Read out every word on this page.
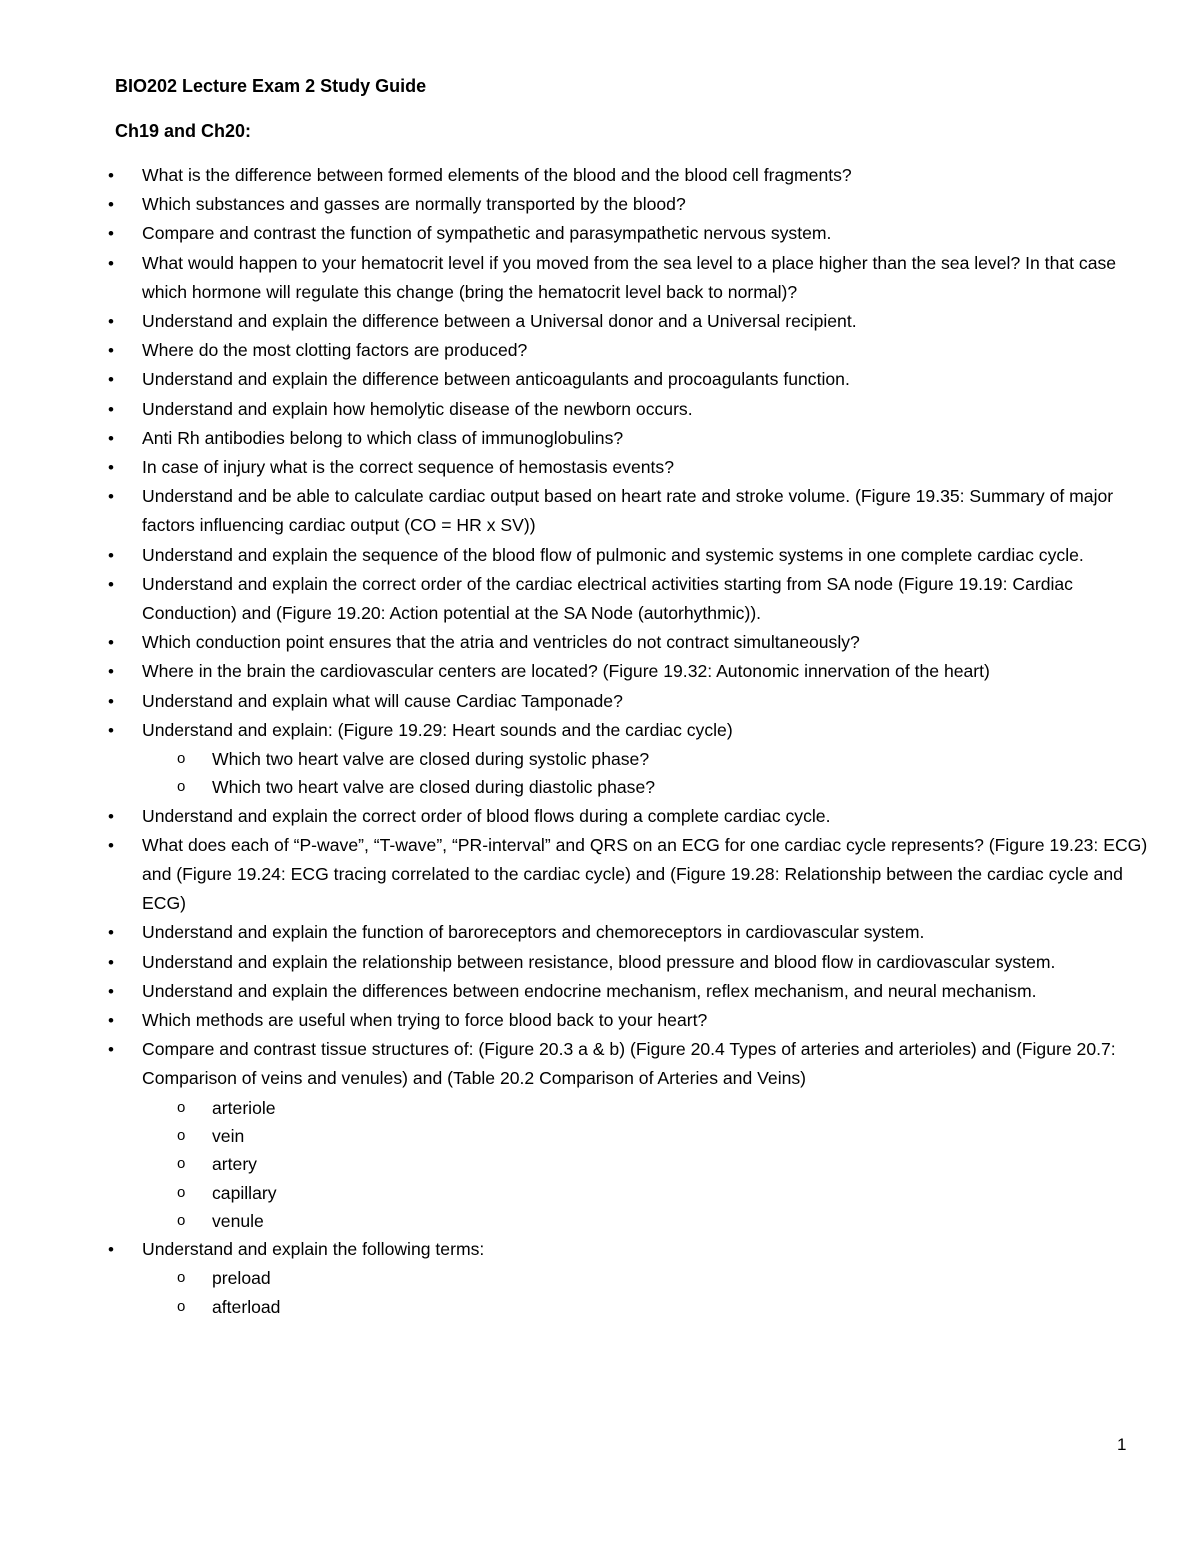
BIO202 Lecture Exam 2 Study Guide
Ch19 and Ch20:
• What is the difference between formed elements of the blood and the blood cell fragments?
• Which substances and gasses are normally transported by the blood?
• Compare and contrast the function of sympathetic and parasympathetic nervous system.
• What would happen to your hematocrit level if you moved from the sea level to a place higher than the sea level? In that case which hormone will regulate this change (bring the hematocrit level back to normal)?
• Understand and explain the difference between a Universal donor and a Universal recipient.
• Where do the most clotting factors are produced?
• Understand and explain the difference between anticoagulants and procoagulants function.
• Understand and explain how hemolytic disease of the newborn occurs.
• Anti Rh antibodies belong to which class of immunoglobulins?
• In case of injury what is the correct sequence of hemostasis events?
• Understand and be able to calculate cardiac output based on heart rate and stroke volume. (Figure 19.35: Summary of major factors influencing cardiac output (CO = HR x SV))
• Understand and explain the sequence of the blood flow of pulmonic and systemic systems in one complete cardiac cycle.
• Understand and explain the correct order of the cardiac electrical activities starting from SA node (Figure 19.19: Cardiac Conduction) and (Figure 19.20: Action potential at the SA Node (autorhythmic)).
• Which conduction point ensures that the atria and ventricles do not contract simultaneously?
• Where in the brain the cardiovascular centers are located? (Figure 19.32: Autonomic innervation of the heart)
• Understand and explain what will cause Cardiac Tamponade?
• Understand and explain: (Figure 19.29: Heart sounds and the cardiac cycle)
o Which two heart valve are closed during systolic phase?
o Which two heart valve are closed during diastolic phase?
• Understand and explain the correct order of blood flows during a complete cardiac cycle.
• What does each of “P-wave”, “T-wave”, “PR-interval” and QRS on an ECG for one cardiac cycle represents? (Figure 19.23: ECG) and (Figure 19.24: ECG tracing correlated to the cardiac cycle) and (Figure 19.28: Relationship between the cardiac cycle and ECG)
• Understand and explain the function of baroreceptors and chemoreceptors in cardiovascular system.
• Understand and explain the relationship between resistance, blood pressure and blood flow in cardiovascular system.
• Understand and explain the differences between endocrine mechanism, reflex mechanism, and neural mechanism.
• Which methods are useful when trying to force blood back to your heart?
• Compare and contrast tissue structures of: (Figure 20.3 a & b) (Figure 20.4 Types of arteries and arterioles) and (Figure 20.7: Comparison of veins and venules) and (Table 20.2 Comparison of Arteries and Veins)
o arteriole
o vein
o artery
o capillary
o venule
• Understand and explain the following terms:
o preload
o afterload
1
